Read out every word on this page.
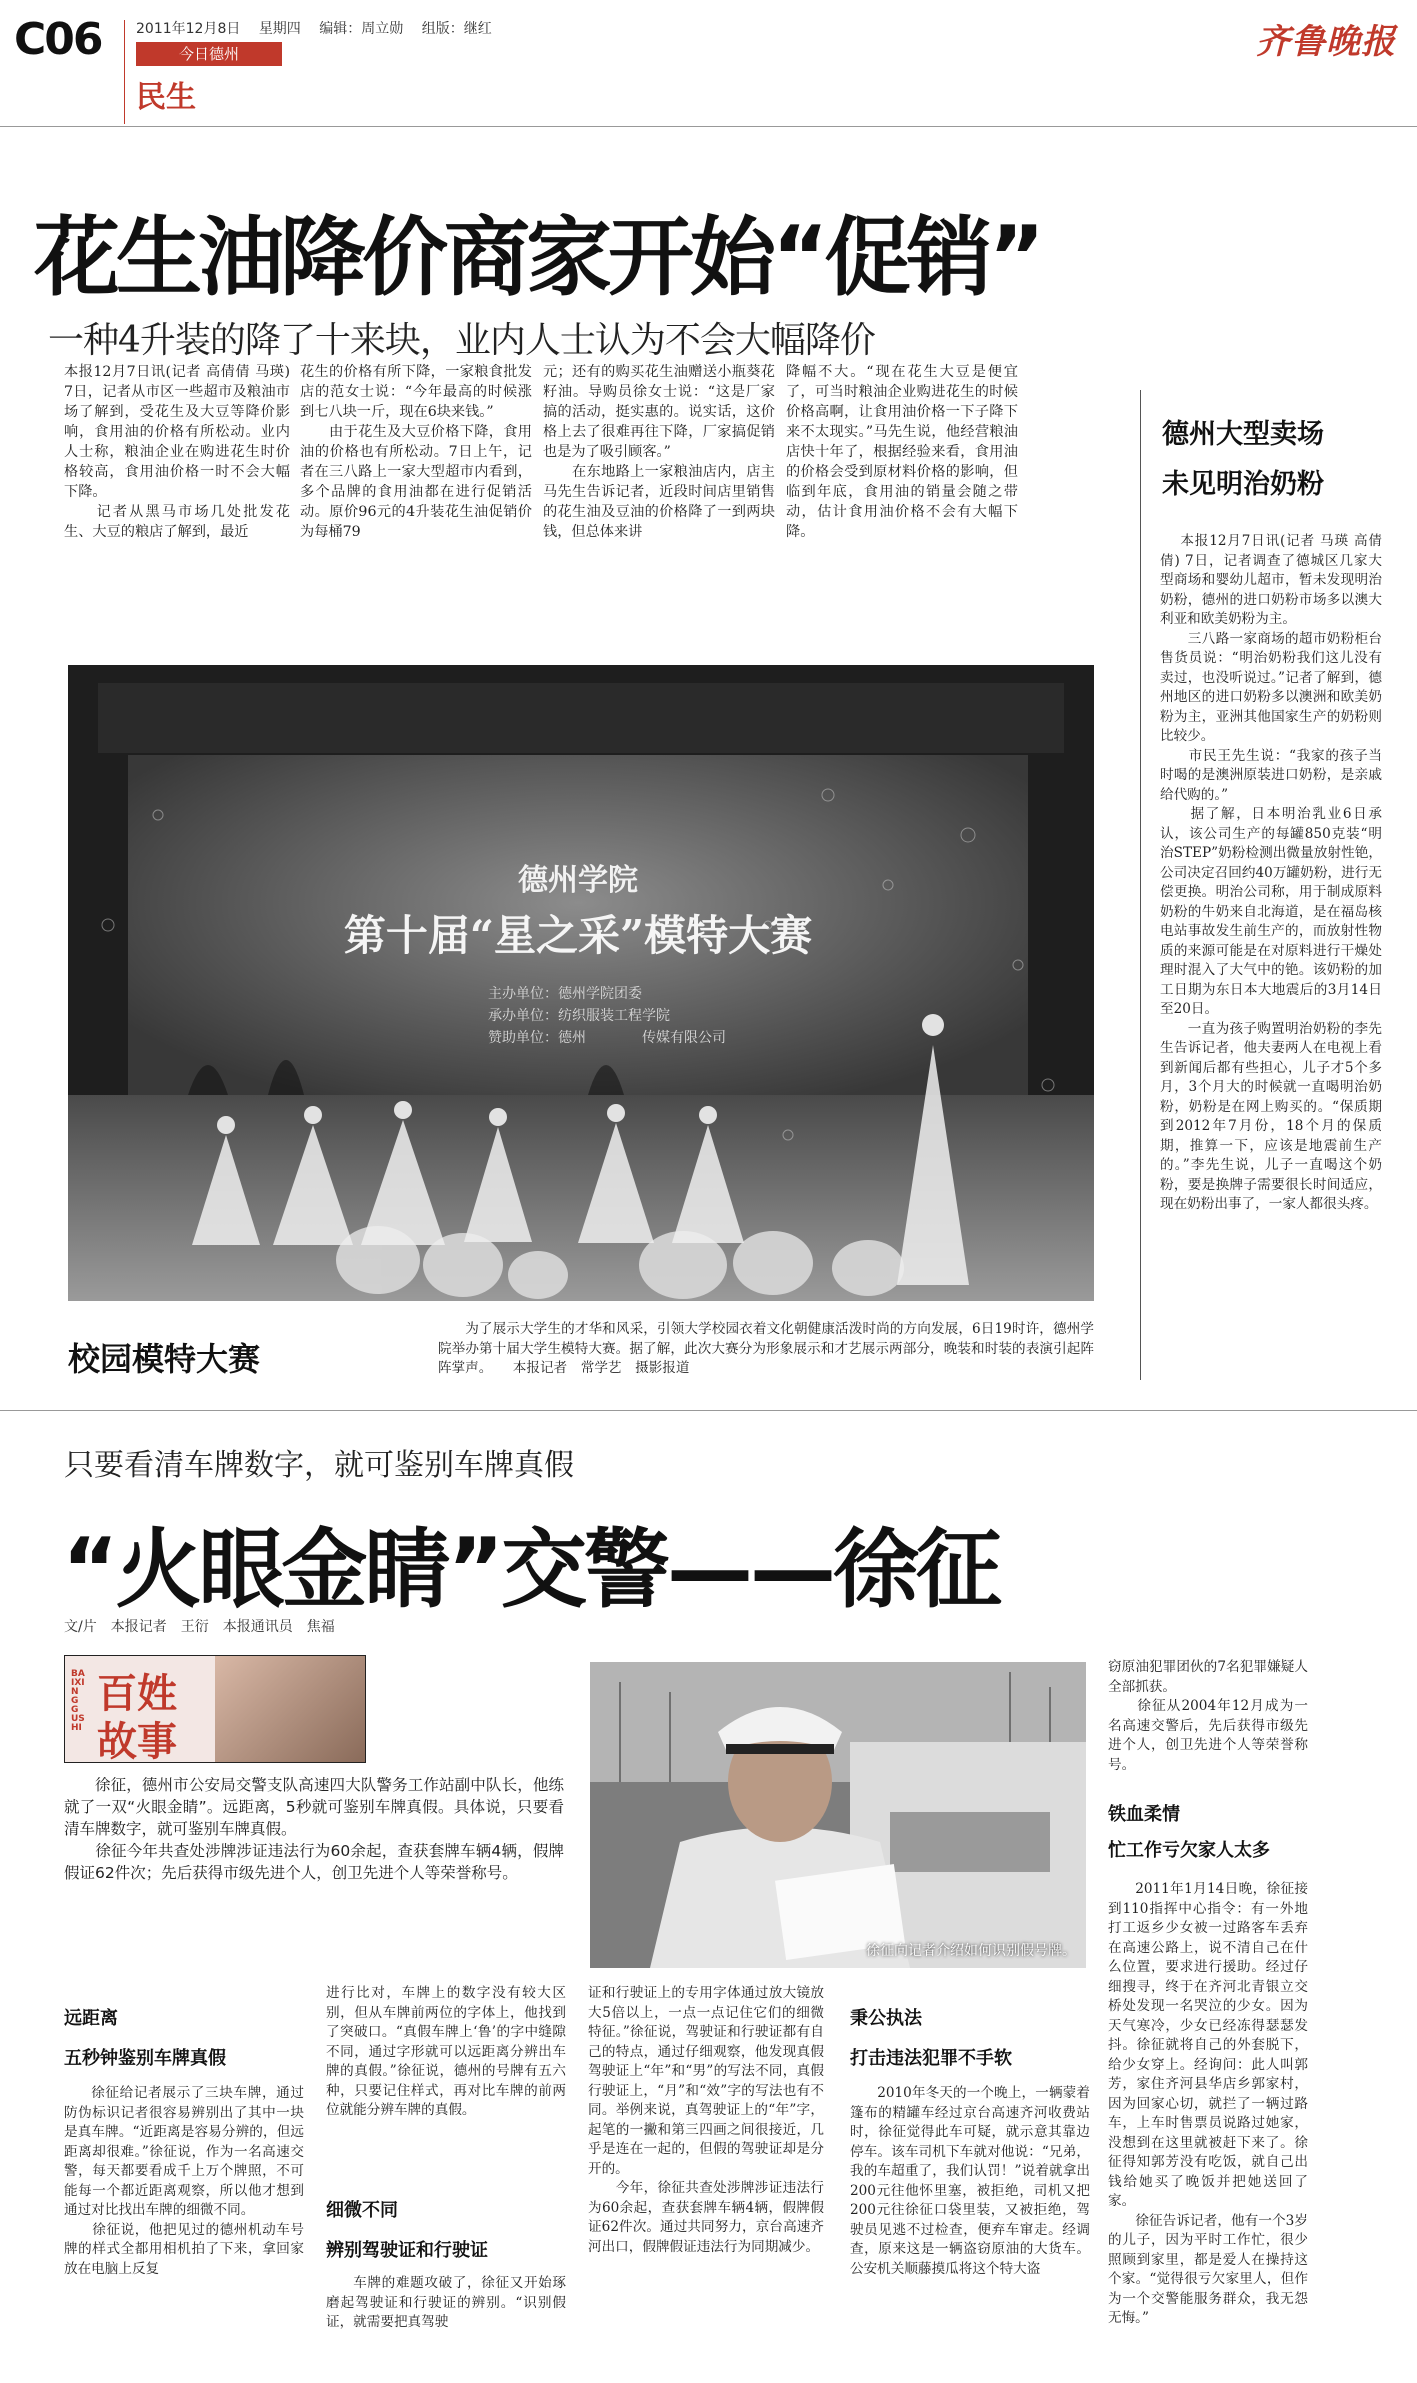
C06 2011年12月8日 星期四 编辑：周立勋 组版：继红
今日德州
民生
齐鲁晚报
花生油降价商家开始“促销”
一种4升装的降了十来块，业内人士认为不会大幅降价
本报12月7日讯(记者 高倩倩 马瑛) 7日，记者从市区一些超市及粮油市场了解到，受花生及大豆等降价影响，食用油的价格有所松动。业内人士称，粮油企业在购进花生时价格较高，食用油价格一时不会大幅下降。
　　记者从黑马市场几处批发花生、大豆的粮店了解到，最近
花生的价格有所下降，一家粮食批发店的范女士说：“今年最高的时候涨到七八块一斤，现在6块来钱。”
　　由于花生及大豆价格下降，食用油的价格也有所松动。7日上午，记者在三八路上一家大型超市内看到，多个品牌的食用油都在进行促销活动。原价96元的4升装花生油促销价为每桶79
元；还有的购买花生油赠送小瓶葵花籽油。导购员徐女士说：“这是厂家搞的活动，挺实惠的。说实话，这价格上去了很难再往下降，厂家搞促销也是为了吸引顾客。”
　　在东地路上一家粮油店内，店主马先生告诉记者，近段时间店里销售的花生油及豆油的价格降了一到两块钱，但总体来讲
降幅不大。“现在花生大豆是便宜了，可当时粮油企业购进花生的时候价格高啊，让食用油价格一下子降下来不太现实。”马先生说，他经营粮油店快十年了，根据经验来看，食用油的价格会受到原材料价格的影响，但临到年底，食用油的销量会随之带动，估计食用油价格不会有大幅下降。
德州大型卖场
未见明治奶粉
本报12月7日讯(记者 马瑛 高倩倩) 7日，记者调查了德城区几家大型商场和婴幼儿超市，暂未发现明治奶粉，德州的进口奶粉市场多以澳大利亚和欧美奶粉为主。
　　三八路一家商场的超市奶粉柜台售货员说：“明治奶粉我们这儿没有卖过，也没听说过。”记者了解到，德州地区的进口奶粉多以澳洲和欧美奶粉为主，亚洲其他国家生产的奶粉则比较少。
　　市民王先生说：“我家的孩子当时喝的是澳洲原装进口奶粉，是亲戚给代购的。”
　　据了解，日本明治乳业6日承认，该公司生产的每罐850克装“明治STEP”奶粉检测出微量放射性铯，公司决定召回约40万罐奶粉，进行无偿更换。明治公司称，用于制成原料奶粉的牛奶来自北海道，是在福岛核电站事故发生前生产的，而放射性物质的来源可能是在对原料进行干燥处理时混入了大气中的铯。该奶粉的加工日期为东日本大地震后的3月14日至20日。
　　一直为孩子购置明治奶粉的李先生告诉记者，他夫妻两人在电视上看到新闻后都有些担心，儿子才5个多月，3个月大的时候就一直喝明治奶粉，奶粉是在网上购买的。“保质期到2012年7月份，18个月的保质期，推算一下，应该是地震前生产的。”李先生说，儿子一直喝这个奶粉，要是换牌子需要很长时间适应，现在奶粉出事了，一家人都很头疼。
德州学院
第十届“星之采”模特大赛
主办单位：德州学院团委
承办单位：纺织服装工程学院
赞助单位：德州　　　　传媒有限公司
校园模特大赛
为了展示大学生的才华和风采，引领大学校园衣着文化朝健康活泼时尚的方向发展，6日19时许，德州学院举办第十届大学生模特大赛。据了解，此次大赛分为形象展示和才艺展示两部分，晚装和时装的表演引起阵阵掌声。　　本报记者　常学艺　摄影报道
只要看清车牌数字，就可鉴别车牌真假
“火眼金睛”交警——徐征
文/片　本报记者　王衍　本报通讯员　焦福
BAIXINGGUSHI
百姓
故事
徐征，德州市公安局交警支队高速四大队警务工作站副中队长，他练就了一双“火眼金睛”。远距离，5秒就可鉴别车牌真假。具体说，只要看清车牌数字，就可鉴别车牌真假。
　　徐征今年共查处涉牌涉证违法行为60余起，查获套牌车辆4辆，假牌假证62件次；先后获得市级先进个人，创卫先进个人等荣誉称号。
徐征向记者介绍如何识别假号牌。
窃原油犯罪团伙的7名犯罪嫌疑人全部抓获。
　　徐征从2004年12月成为一名高速交警后，先后获得市级先进个人，创卫先进个人等荣誉称号。
铁血柔情
忙工作亏欠家人太多
2011年1月14日晚，徐征接到110指挥中心指令：有一外地打工返乡少女被一过路客车丢弃在高速公路上，说不清自己在什么位置，要求进行援助。经过仔细搜寻，终于在齐河北青银立交桥处发现一名哭泣的少女。因为天气寒冷，少女已经冻得瑟瑟发抖。徐征就将自己的外套脱下，给少女穿上。经询问：此人叫郭芳，家住齐河县华店乡郭家村，因为回家心切，就拦了一辆过路车，上车时售票员说路过她家，没想到在这里就被赶下来了。徐征得知郭芳没有吃饭，就自己出钱给她买了晚饭并把她送回了家。
　　徐征告诉记者，他有一个3岁的儿子，因为平时工作忙，很少照顾到家里，都是爱人在操持这个家。“觉得很亏欠家里人，但作为一个交警能服务群众，我无怨无悔。”
远距离
五秒钟鉴别车牌真假
徐征给记者展示了三块车牌，通过防伪标识记者很容易辨别出了其中一块是真车牌。“近距离是容易分辨的，但远距离却很难。”徐征说，作为一名高速交警，每天都要看成千上万个牌照，不可能每一个都近距离观察，所以他才想到通过对比找出车牌的细微不同。
　　徐征说，他把见过的德州机动车号牌的样式全都用相机拍了下来，拿回家放在电脑上反复
进行比对，车牌上的数字没有较大区别，但从车牌前两位的字体上，他找到了突破口。“真假车牌上‘鲁’的字中缝隙不同，通过字形就可以远距离分辨出车牌的真假。”徐征说，德州的号牌有五六种，只要记住样式，再对比车牌的前两位就能分辨车牌的真假。
细微不同
辨别驾驶证和行驶证
车牌的难题攻破了，徐征又开始琢磨起驾驶证和行驶证的辨别。“识别假证，就需要把真驾驶
证和行驶证上的专用字体通过放大镜放大5倍以上，一点一点记住它们的细微特征。”徐征说，驾驶证和行驶证都有自己的特点，通过仔细观察，他发现真假驾驶证上“年”和“男”的写法不同，真假行驶证上，“月”和“效”字的写法也有不同。举例来说，真驾驶证上的“年”字，起笔的一撇和第三四画之间很接近，几乎是连在一起的，但假的驾驶证却是分开的。
　　今年，徐征共查处涉牌涉证违法行为60余起，查获套牌车辆4辆，假牌假证62件次。通过共同努力，京台高速齐河出口，假牌假证违法行为同期减少。
秉公执法
打击违法犯罪不手软
2010年冬天的一个晚上，一辆蒙着篷布的精罐车经过京台高速齐河收费站时，徐征觉得此车可疑，就示意其靠边停车。该车司机下车就对他说：“兄弟，我的车超重了，我们认罚！”说着就拿出200元往他怀里塞，被拒绝，司机又把200元往徐征口袋里装，又被拒绝，驾驶员见逃不过检查，便弃车窜走。经调查，原来这是一辆盗窃原油的大货车。公安机关顺藤摸瓜将这个特大盗
